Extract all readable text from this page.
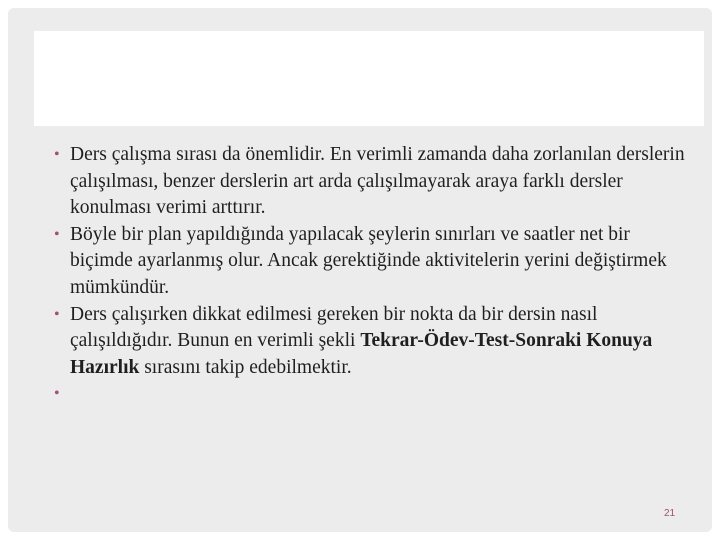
• Ders çalışma sırası da önemlidir. En verimli zamanda daha zorlanılan derslerin çalışılması, benzer derslerin art arda çalışılmayarak araya farklı dersler konulması verimi arttırır.
• Böyle bir plan yapıldığında yapılacak şeylerin sınırları ve saatler net bir biçimde ayarlanmış olur. Ancak gerektiğinde aktivitelerin yerini değiştirmek mümkündür.
• Ders çalışırken dikkat edilmesi gereken bir nokta da bir dersin nasıl çalışıldığıdır. Bunun en verimli şekli Tekrar-Ödev-Test-Sonraki Konuya Hazırlık sırasını takip edebilmektir.
•

21
